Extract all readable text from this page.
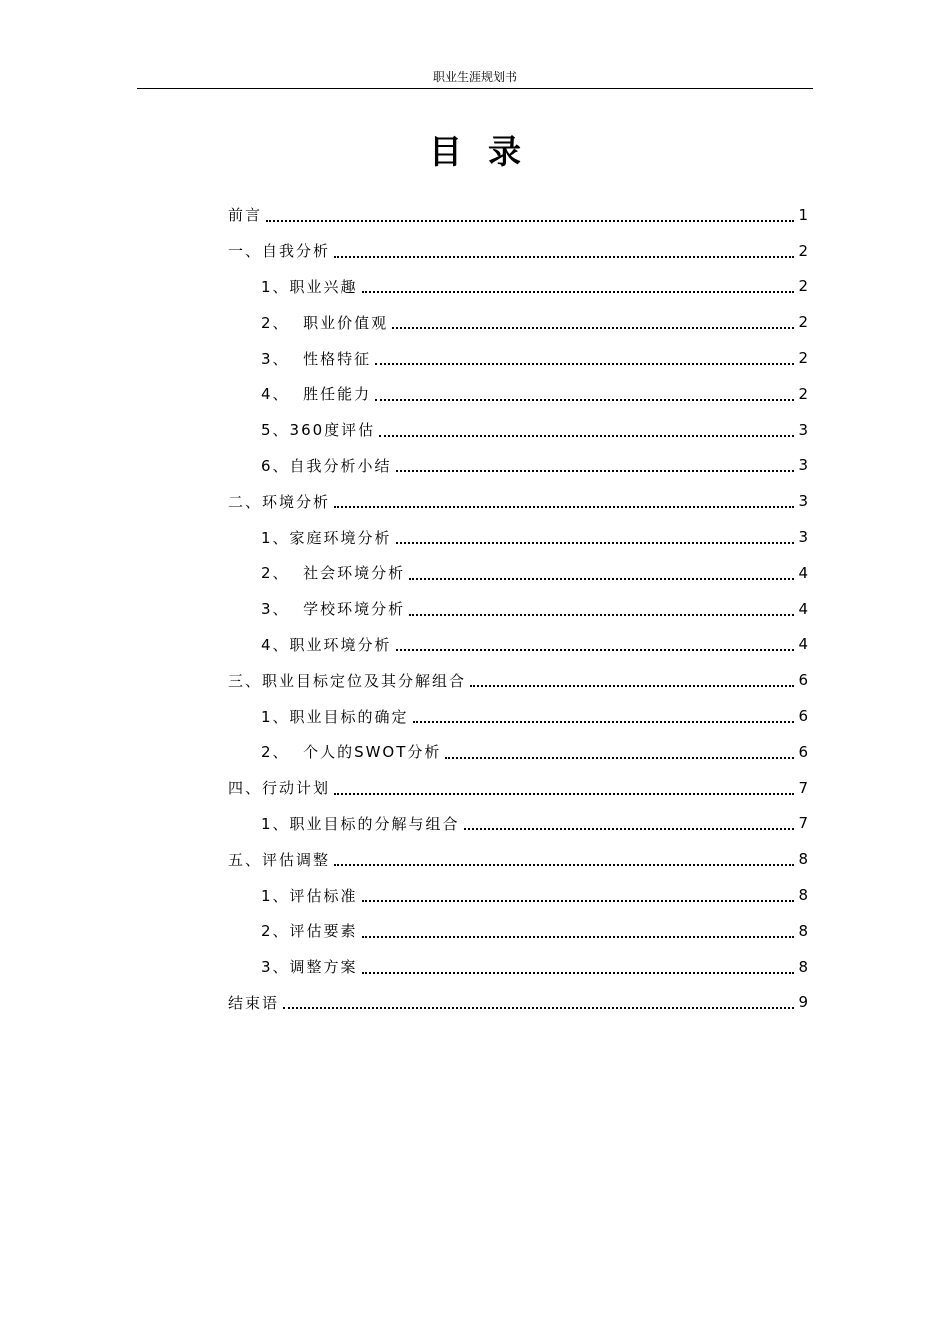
职业生涯规划书
目录
前言	1
一、自我分析	2
1、职业兴趣	2
2、  职业价值观	2
3、  性格特征	2
4、  胜任能力	2
5、360度评估	3
6、自我分析小结	3
二、环境分析	3
1、家庭环境分析	3
2、  社会环境分析	4
3、  学校环境分析	4
4、职业环境分析	4
三、职业目标定位及其分解组合	6
1、职业目标的确定	6
2、  个人的SWOT分析	6
四、行动计划	7
1、职业目标的分解与组合	7
五、评估调整	8
1、评估标准	8
2、评估要素	8
3、调整方案	8
结束语	9
